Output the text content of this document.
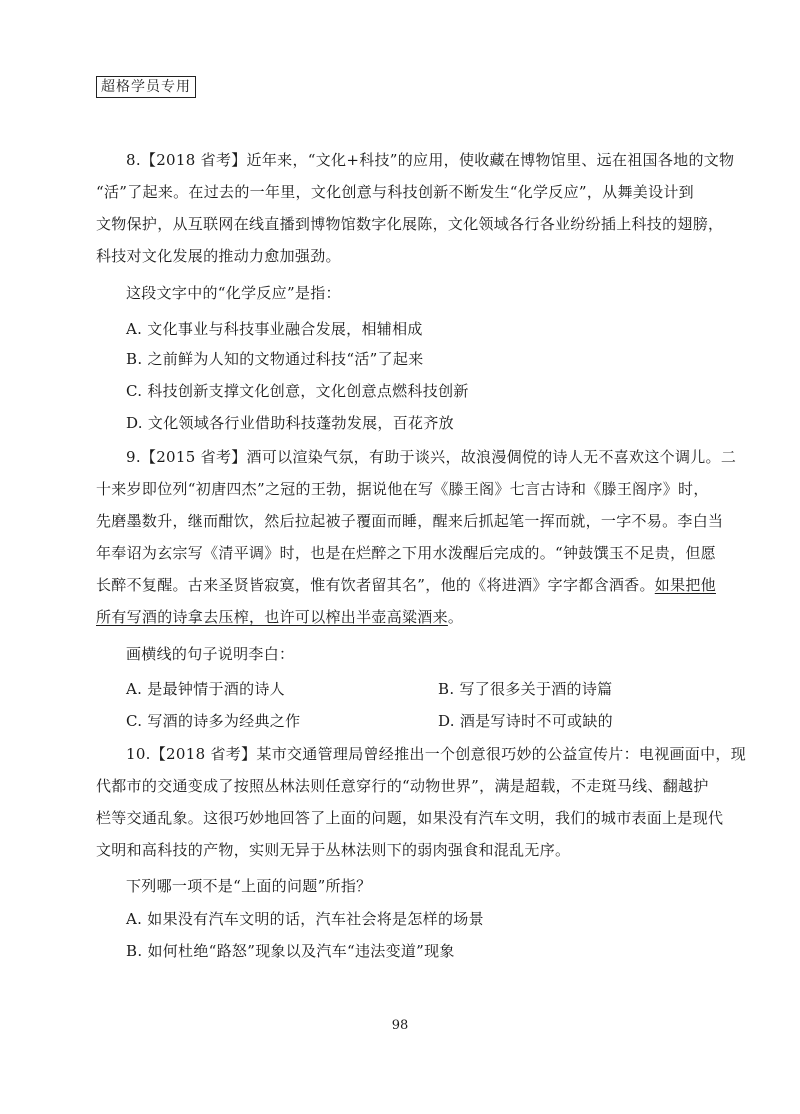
超格学员专用
8.【2018 省考】近年来，“文化+科技”的应用，使收藏在博物馆里、远在祖国各地的文物
“活”了起来。在过去的一年里，文化创意与科技创新不断发生“化学反应”，从舞美设计到
文物保护，从互联网在线直播到博物馆数字化展陈，文化领域各行各业纷纷插上科技的翅膀，
科技对文化发展的推动力愈加强劲。
这段文字中的“化学反应”是指：
A. 文化事业与科技事业融合发展，相辅相成
B. 之前鲜为人知的文物通过科技“活”了起来
C. 科技创新支撑文化创意，文化创意点燃科技创新
D. 文化领域各行业借助科技蓬勃发展，百花齐放
9.【2015 省考】酒可以渲染气氛，有助于谈兴，故浪漫倜傥的诗人无不喜欢这个调儿。二
十来岁即位列“初唐四杰”之冠的王勃，据说他在写《滕王阁》七言古诗和《滕王阁序》时，
先磨墨数升，继而酣饮，然后拉起被子覆面而睡，醒来后抓起笔一挥而就，一字不易。李白当
年奉诏为玄宗写《清平调》时，也是在烂醉之下用水泼醒后完成的。“钟鼓馔玉不足贵，但愿
长醉不复醒。古来圣贤皆寂寞，惟有饮者留其名”，他的《将进酒》字字都含酒香。如果把他
所有写酒的诗拿去压榨，也许可以榨出半壶高粱酒来。
画横线的句子说明李白：
A. 是最钟情于酒的诗人	B. 写了很多关于酒的诗篇
C. 写酒的诗多为经典之作	D. 酒是写诗时不可或缺的
10.【2018 省考】某市交通管理局曾经推出一个创意很巧妙的公益宣传片：电视画面中，现
代都市的交通变成了按照丛林法则任意穿行的“动物世界”，满是超载，不走斑马线、翻越护
栏等交通乱象。这很巧妙地回答了上面的问题，如果没有汽车文明，我们的城市表面上是现代
文明和高科技的产物，实则无异于丛林法则下的弱肉强食和混乱无序。
下列哪一项不是“上面的问题”所指？
A. 如果没有汽车文明的话，汽车社会将是怎样的场景
B. 如何杜绝“路怒”现象以及汽车“违法变道”现象
98
